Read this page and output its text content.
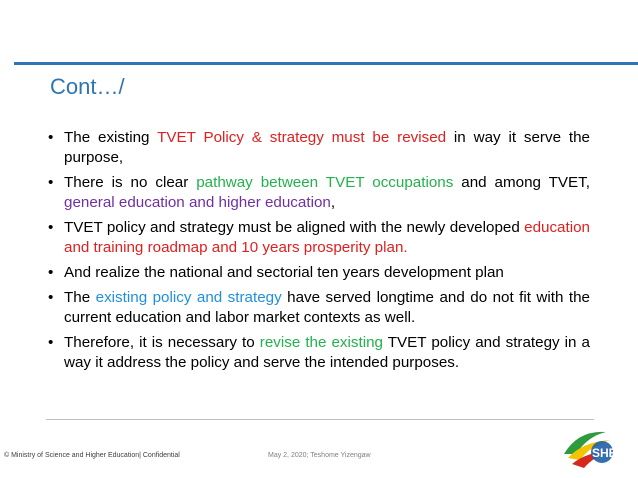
Cont…/
• The existing TVET Policy & strategy must be revised in way it serve the purpose,
• There is no clear pathway between TVET occupations and among TVET, general education and higher education,
• TVET policy and strategy must be aligned with the newly developed education and training roadmap and 10 years prosperity plan.
• And realize the national and sectorial ten years development plan
• The existing policy and strategy have served longtime and do not fit with the current education and labor market contexts as well.
• Therefore, it is necessary to revise the existing TVET policy and strategy in a way it address the policy and serve the intended purposes.
© Ministry of Science and Higher Education| Confidential	May 2, 2020; Teshome Yizengaw	SHE
